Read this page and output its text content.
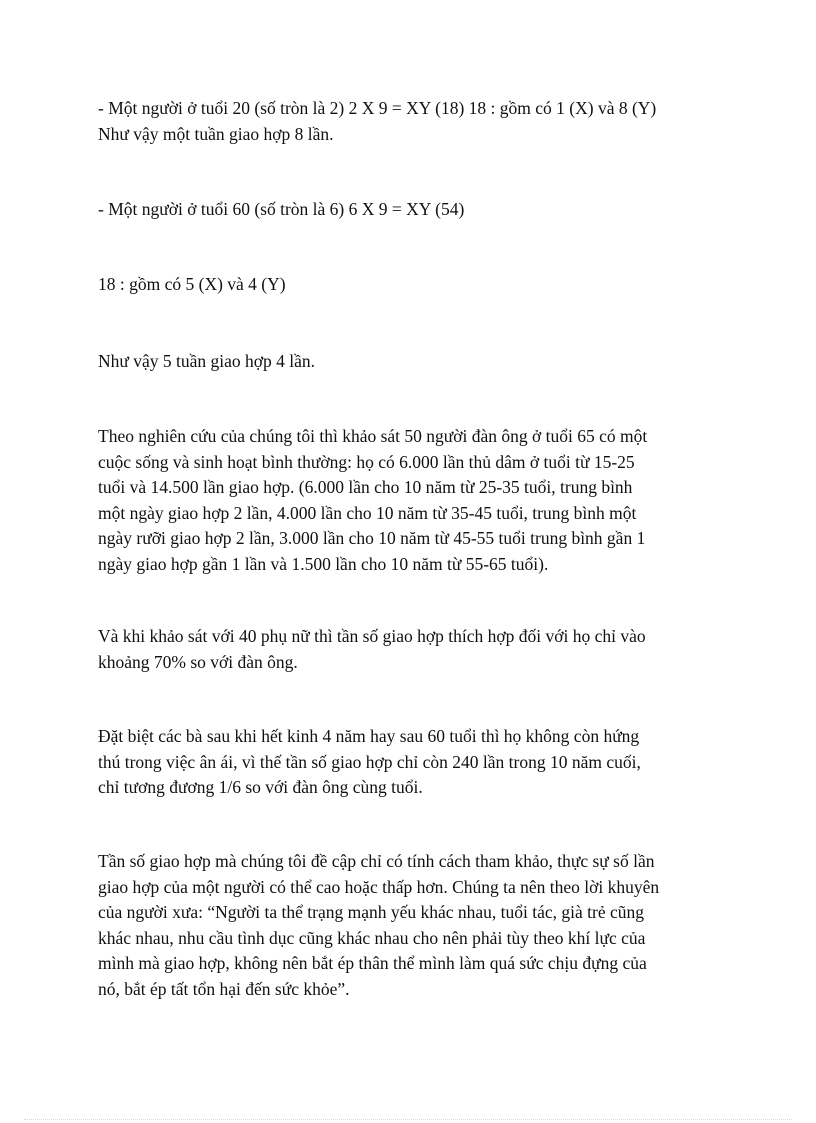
- Một người ở tuổi 20 (số tròn là 2) 2 X 9 = XY (18) 18 : gồm có 1 (X) và 8 (Y)
Như vậy một tuần giao hợp 8 lần.

- Một người ở tuổi 60 (số tròn là 6) 6 X 9 = XY (54)

18 : gồm có 5 (X) và 4 (Y)

Như vậy 5 tuần giao hợp 4 lần.

Theo nghiên cứu của chúng tôi thì khảo sát 50 người đàn ông ở tuổi 65 có một
cuộc sống và sinh hoạt bình thường: họ có 6.000 lần thủ dâm ở tuổi từ 15-25
tuổi và 14.500 lần giao hợp. (6.000 lần cho 10 năm từ 25-35 tuổi, trung bình
một ngày giao hợp 2 lần, 4.000 lần cho 10 năm từ 35-45 tuổi, trung bình một
ngày rưỡi giao hợp 2 lần, 3.000 lần cho 10 năm từ 45-55 tuổi trung bình gần 1
ngày giao hợp gần 1 lần và 1.500 lần cho 10 năm từ 55-65 tuổi).

Và khi khảo sát với 40 phụ nữ thì tần số giao hợp thích hợp đối với họ chỉ vào
khoảng 70% so với đàn ông.

Đặt biệt các bà sau khi hết kinh 4 năm hay sau 60 tuổi thì họ không còn hứng
thú trong việc ân ái, vì thế tần số giao hợp chỉ còn 240 lần trong 10 năm cuối,
chỉ tương đương 1/6 so với đàn ông cùng tuổi.

Tần số giao hợp mà chúng tôi đề cập chỉ có tính cách tham khảo, thực sự số lần
giao hợp của một người có thể cao hoặc thấp hơn. Chúng ta nên theo lời khuyên
của người xưa: “Người ta thể trạng mạnh yếu khác nhau, tuổi tác, già trẻ cũng
khác nhau, nhu cầu tình dục cũng khác nhau cho nên phải tùy theo khí lực của
mình mà giao hợp, không nên bắt ép thân thể mình làm quá sức chịu đựng của
nó, bắt ép tất tổn hại đến sức khỏe”.
